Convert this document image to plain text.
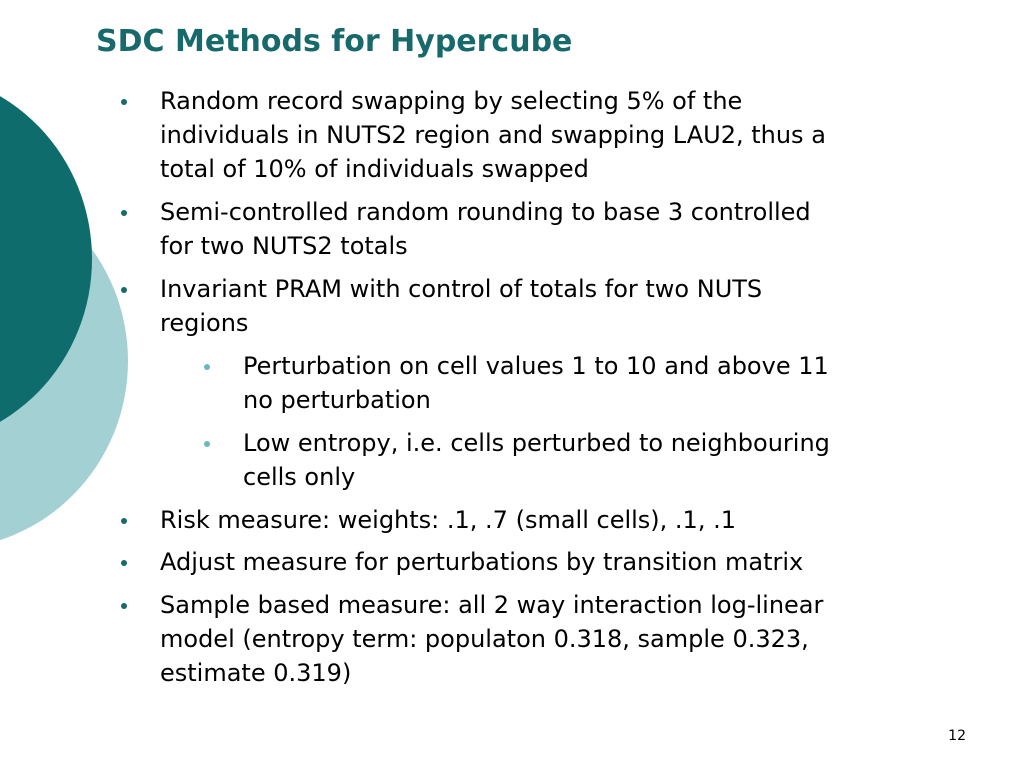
SDC Methods for Hypercube
Random record swapping by selecting 5% of the
individuals in NUTS2 region and swapping LAU2, thus a
total of 10% of individuals swapped
Semi-controlled random rounding to base 3 controlled
for two NUTS2 totals
Invariant PRAM with control of totals for two NUTS
regions
Perturbation on cell values 1 to 10 and above 11
no perturbation
Low entropy, i.e. cells perturbed to neighbouring
cells only
Risk measure: weights: .1, .7 (small cells), .1, .1
Adjust measure for perturbations by transition matrix
Sample based measure: all 2 way interaction log-linear
model (entropy term: populaton 0.318, sample 0.323,
estimate 0.319)
12
